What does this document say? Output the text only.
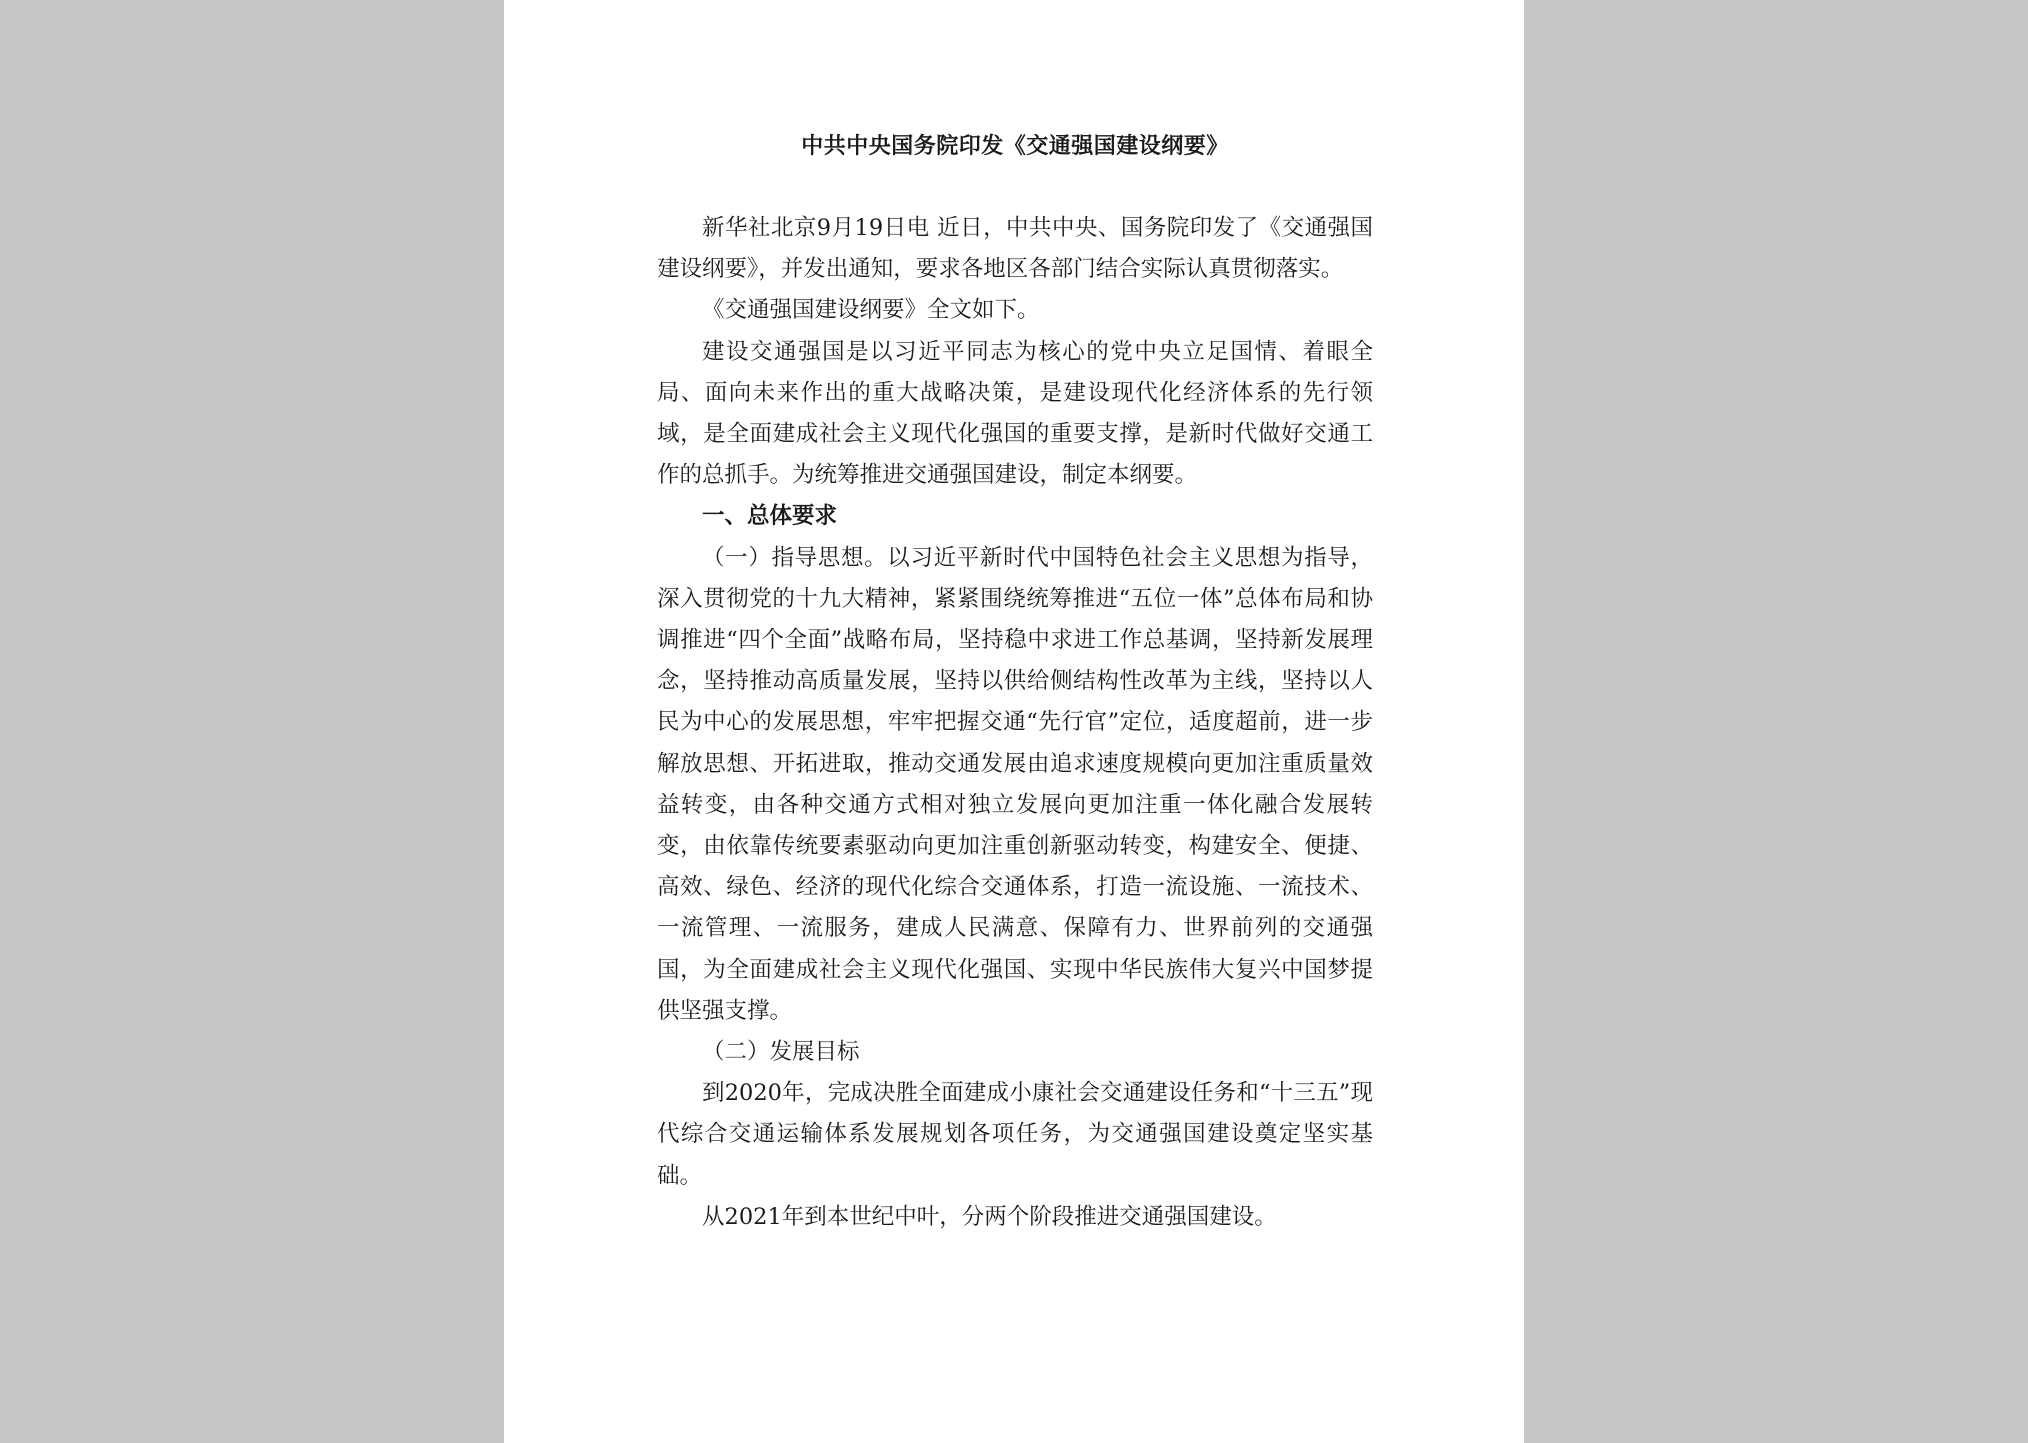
中共中央国务院印发《交通强国建设纲要》

新华社北京9月19日电 近日，中共中央、国务院印发了《交通强国建设纲要》，并发出通知，要求各地区各部门结合实际认真贯彻落实。

《交通强国建设纲要》全文如下。

建设交通强国是以习近平同志为核心的党中央立足国情、着眼全局、面向未来作出的重大战略决策，是建设现代化经济体系的先行领域，是全面建成社会主义现代化强国的重要支撑，是新时代做好交通工作的总抓手。为统筹推进交通强国建设，制定本纲要。

一、总体要求

（一）指导思想。以习近平新时代中国特色社会主义思想为指导，深入贯彻党的十九大精神，紧紧围绕统筹推进“五位一体”总体布局和协调推进“四个全面”战略布局，坚持稳中求进工作总基调，坚持新发展理念，坚持推动高质量发展，坚持以供给侧结构性改革为主线，坚持以人民为中心的发展思想，牢牢把握交通“先行官”定位，适度超前，进一步解放思想、开拓进取，推动交通发展由追求速度规模向更加注重质量效益转变，由各种交通方式相对独立发展向更加注重一体化融合发展转变，由依靠传统要素驱动向更加注重创新驱动转变，构建安全、便捷、高效、绿色、经济的现代化综合交通体系，打造一流设施、一流技术、一流管理、一流服务，建成人民满意、保障有力、世界前列的交通强国，为全面建成社会主义现代化强国、实现中华民族伟大复兴中国梦提供坚强支撑。

（二）发展目标

到2020年，完成决胜全面建成小康社会交通建设任务和“十三五”现代综合交通运输体系发展规划各项任务，为交通强国建设奠定坚实基础。

从2021年到本世纪中叶，分两个阶段推进交通强国建设。
